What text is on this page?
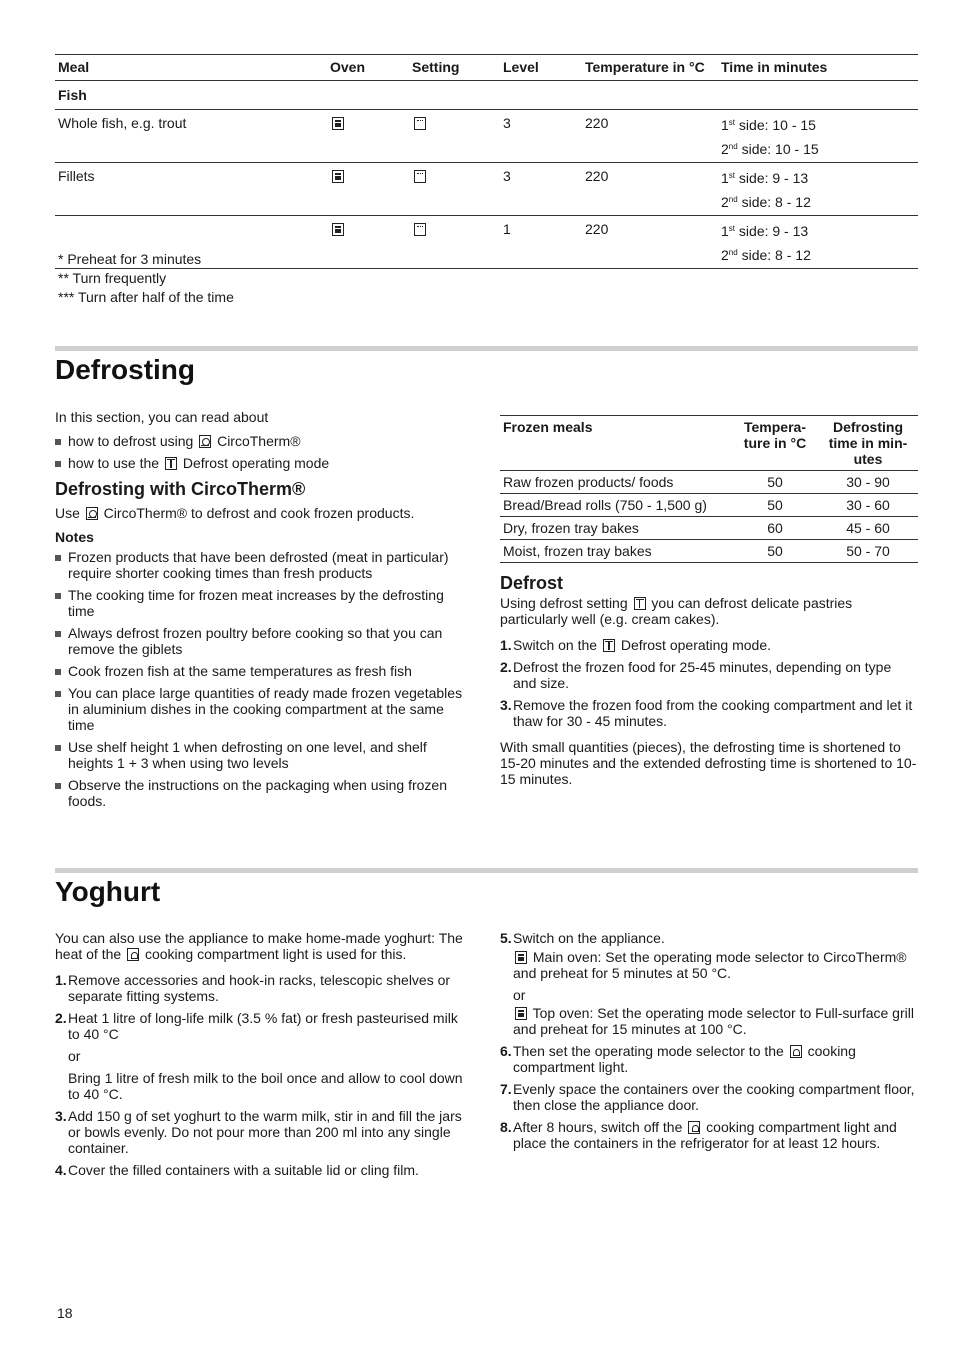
Meal	Oven	Setting	Level	Temperature in °C	Time in minutes
Fish					
Whole fish, e.g. trout			3	220	1st side: 10 - 15
2nd side: 10 - 15

Fillets			3	220	1st side: 9 - 13
2nd side: 8 - 12

			1	220	1st side: 9 - 13
2nd side: 8 - 12
* Preheat for 3 minutes
** Turn frequently
*** Turn after half of the time
Defrosting

In this section, you can read about

how to defrost using  CircoTherm®
how to use the  Defrost operating mode
Defrosting with CircoTherm®

Use  CircoTherm® to defrost and cook frozen products.

Notes
Frozen products that have been defrosted (meat in particular) require shorter cooking times than fresh products
The cooking time for frozen meat increases by the defrosting time
Always defrost frozen poultry before cooking so that you can remove the giblets
Cook frozen fish at the same temperatures as fresh fish
You can place large quantities of ready made frozen vegetables in aluminium dishes in the cooking compartment at the same time
Use shelf height 1 when defrosting on one level, and shelf heights 1 + 3 when using two levels
Observe the instructions on the packaging when using frozen foods.
Frozen meals	Tempera-ture in °C	Defrosting time in min-utes
Raw frozen products/ foods	50	30 - 90
Bread/Bread rolls (750 - 1,500 g)	50	30 - 60
Dry, frozen tray bakes	60	45 - 60
Moist, frozen tray bakes	50	50 - 70
Defrost

Using defrost setting  you can defrost delicate pastries particularly well (e.g. cream cakes).

1. Switch on the  Defrost operating mode.
2. Defrost the frozen food for 25-45 minutes, depending on type and size.
3. Remove the frozen food from the cooking compartment and let it thaw for 30 - 45 minutes.

With small quantities (pieces), the defrosting time is shortened to 15-20 minutes and the extended defrosting time is shortened to 10-15 minutes.

Yoghurt

You can also use the appliance to make home-made yoghurt: The heat of the  cooking compartment light is used for this.

1. Remove accessories and hook-in racks, telescopic shelves or separate fitting systems.
2. Heat 1 litre of long-life milk (3.5 % fat) or fresh pasteurised milk to 40 °C
or
Bring 1 litre of fresh milk to the boil once and allow to cool down to 40 °C.
3. Add 150 g of set yoghurt to the warm milk, stir in and fill the jars or bowls evenly. Do not pour more than 200 ml into any single container.
4. Cover the filled containers with a suitable lid or cling film.
5. Switch on the appliance.
Main oven: Set the operating mode selector to CircoTherm® and preheat for 5 minutes at 50 °C.
or
Top oven: Set the operating mode selector to Full-surface grill and preheat for 15 minutes at 100 °C.
6. Then set the operating mode selector to the  cooking compartment light.
7. Evenly space the containers over the cooking compartment floor, then close the appliance door.
8. After 8 hours, switch off the  cooking compartment light and place the containers in the refrigerator for at least 12 hours.
18
